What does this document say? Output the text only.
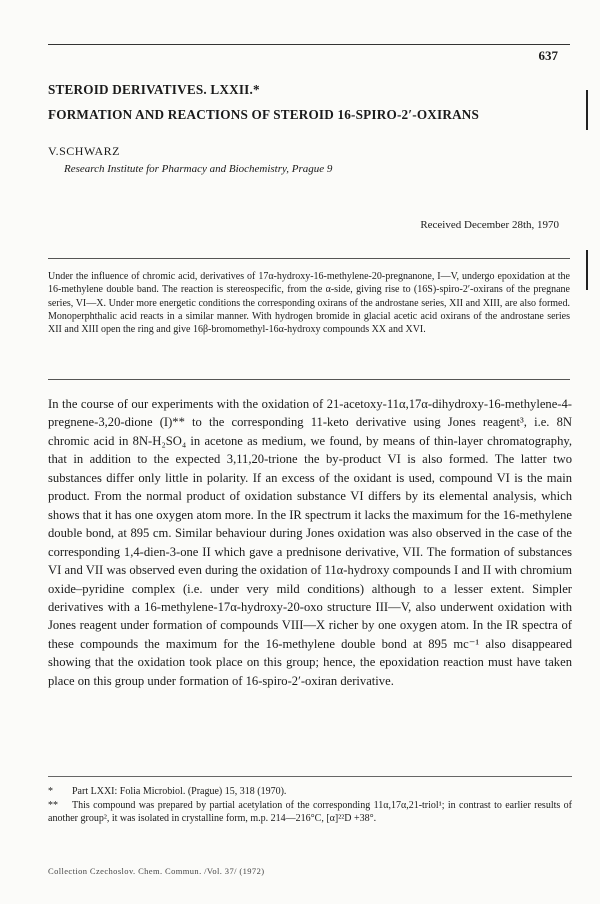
637
STEROID DERIVATIVES. LXXII.*
FORMATION AND REACTIONS OF STEROID 16-SPIRO-2′-OXIRANS
V.SCHWARZ
Research Institute for Pharmacy and Biochemistry, Prague 9
Received December 28th, 1970

Under the influence of chromic acid, derivatives of 17α-hydroxy-16-methylene-20-pregnanone, I—V, undergo epoxidation at the 16-methylene double band. The reaction is stereospecific, from the α-side, giving rise to (16S)-spiro-2′-oxirans of the pregnane series, VI—X. Under more energetic conditions the corresponding oxirans of the androstane series, XII and XIII, are also formed. Monoperphthalic acid reacts in a similar manner. With hydrogen bromide in glacial acetic acid oxirans of the androstane series XII and XIII open the ring and give 16β-bromomethyl-16α-hydroxy compounds XX and XVI.

In the course of our experiments with the oxidation of 21-acetoxy-11α,17α-dihydroxy-16-methylene-4-pregnene-3,20-dione (I)** to the corresponding 11-keto derivative using Jones reagent³, i.e. 8N chromic acid in 8N-H₂SO₄ in acetone as medium, we found, by means of thin-layer chromatography, that in addition to the expected 3,11,20-trione the by-product VI is also formed. The latter two substances differ only little in polarity. If an excess of the oxidant is used, compound VI is the main product. From the normal product of oxidation substance VI differs by its elemental analysis, which shows that it has one oxygen atom more. In the IR spectrum it lacks the maximum for the 16-methylene double bond, at 895 cm. Similar behaviour during Jones oxidation was also observed in the case of the corresponding 1,4-dien-3-one II which gave a prednisone derivative, VII. The formation of substances VI and VII was observed even during the oxidation of 11α-hydroxy compounds I and II with chromium oxide–pyridine complex (i.e. under very mild conditions) although to a lesser extent. Simpler derivatives with a 16-methylene-17α-hydroxy-20-oxo structure III—V, also underwent oxidation with Jones reagent under formation of compounds VIII—X richer by one oxygen atom. In the IR spectra of these compounds the maximum for the 16-methylene double bond at 895 mc⁻¹ also disappeared showing that the oxidation took place on this group; hence, the epoxidation reaction must have taken place on this group under formation of 16-spiro-2′-oxiran derivative.

* Part LXXI: Folia Microbiol. (Prague) 15, 318 (1970).

** This compound was prepared by partial acetylation of the corresponding 11α,17α,21-triol¹; in contrast to earlier results of another group², it was isolated in crystalline form, m.p. 214—216°C, [α]²²D +38°.

Collection Czechoslov. Chem. Commun. /Vol. 37/ (1972)
